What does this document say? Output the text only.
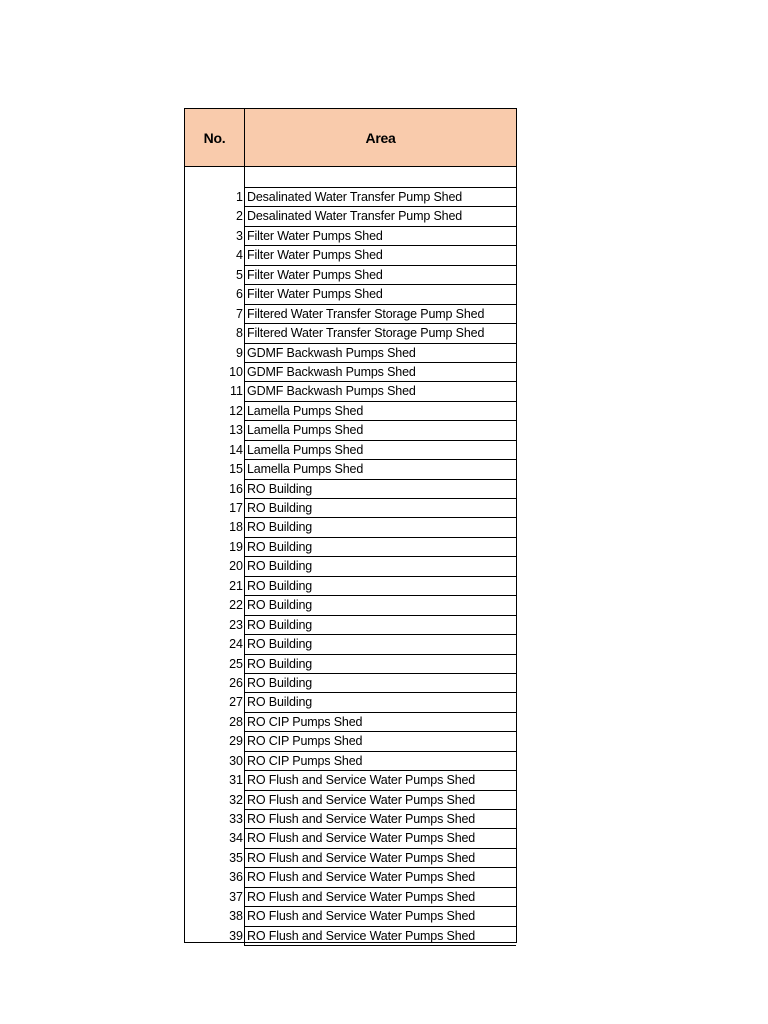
No.	Area
1 Desalinated Water Transfer Pump Shed
2 Desalinated Water Transfer Pump Shed
3 Filter Water Pumps Shed
4 Filter Water Pumps Shed
5 Filter Water Pumps Shed
6 Filter Water Pumps Shed
7 Filtered Water Transfer Storage Pump Shed
8 Filtered Water Transfer Storage Pump Shed
9 GDMF Backwash Pumps Shed
10 GDMF Backwash Pumps Shed
11 GDMF Backwash Pumps Shed
12 Lamella Pumps Shed
13 Lamella Pumps Shed
14 Lamella Pumps Shed
15 Lamella Pumps Shed
16 RO Building
17 RO Building
18 RO Building
19 RO Building
20 RO Building
21 RO Building
22 RO Building
23 RO Building
24 RO Building
25 RO Building
26 RO Building
27 RO Building
28 RO CIP Pumps Shed
29 RO CIP Pumps Shed
30 RO CIP Pumps Shed
31 RO Flush and Service Water Pumps Shed
32 RO Flush and Service Water Pumps Shed
33 RO Flush and Service Water Pumps Shed
34 RO Flush and Service Water Pumps Shed
35 RO Flush and Service Water Pumps Shed
36 RO Flush and Service Water Pumps Shed
37 RO Flush and Service Water Pumps Shed
38 RO Flush and Service Water Pumps Shed
39 RO Flush and Service Water Pumps Shed
